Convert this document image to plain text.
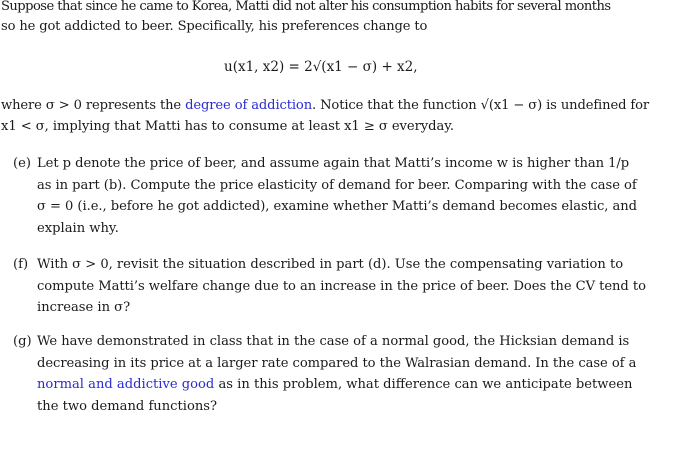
Suppose that since he came to Korea, Matti did not alter his consumption habits for several months
so he got addicted to beer. Specifically, his preferences change to
u(x1, x2) = 2√(x1 − σ) + x2,
where σ > 0 represents the degree of addiction. Notice that the function √(x1 − σ) is undefined for
x1 < σ, implying that Matti has to consume at least x1 ≥ σ everyday.
(e) Let p denote the price of beer, and assume again that Matti’s income w is higher than 1/p
as in part (b). Compute the price elasticity of demand for beer. Comparing with the case of
σ = 0 (i.e., before he got addicted), examine whether Matti’s demand becomes elastic, and
explain why.
(f) With σ > 0, revisit the situation described in part (d). Use the compensating variation to
compute Matti’s welfare change due to an increase in the price of beer. Does the CV tend to
increase in σ?
(g) We have demonstrated in class that in the case of a normal good, the Hicksian demand is
decreasing in its price at a larger rate compared to the Walrasian demand. In the case of a
normal and addictive good as in this problem, what difference can we anticipate between
the two demand functions?
